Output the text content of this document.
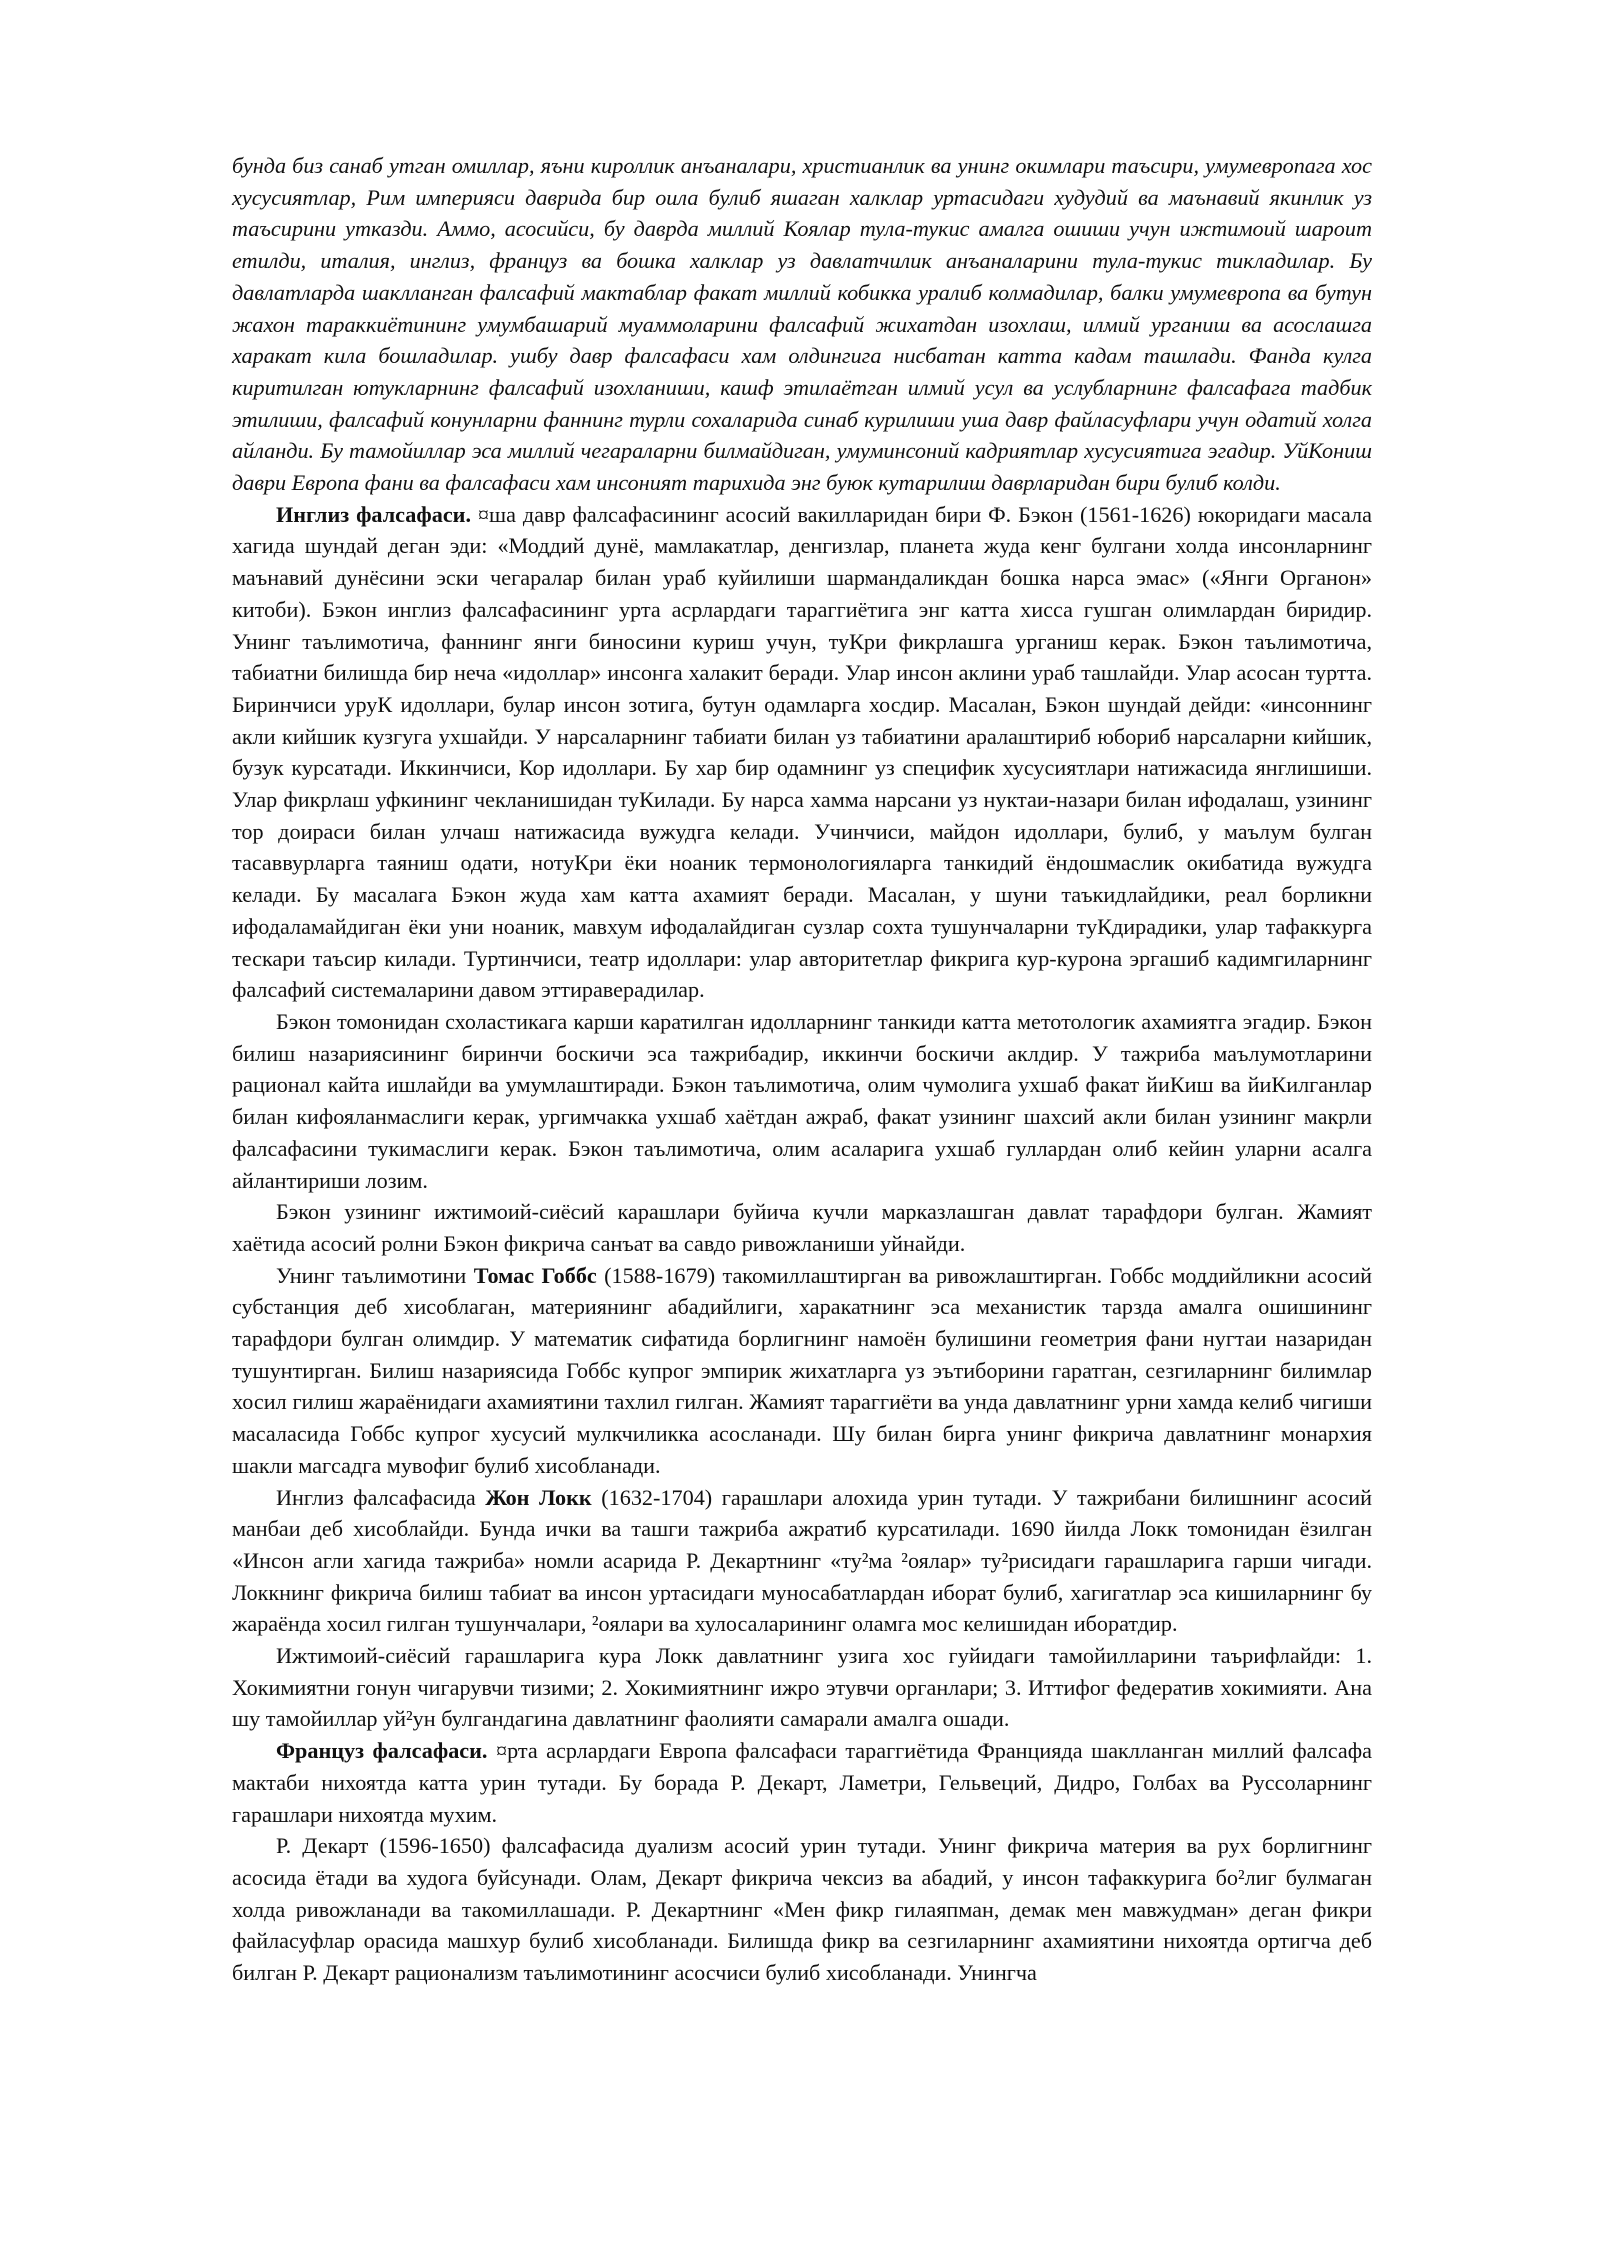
бунда биз санаб утган омиллар, яъни кироллик анъаналари, христианлик ва унинг окимлари таъсири, умумевропага хос хусусиятлар, Рим империяси даврида бир оила булиб яшаган халклар уртасидаги худудий ва маънавий якинлик уз таъсирини утказди. Аммо, асосийси, бу даврда миллий Коялар тула-тукис амалга ошиши учун ижтимоий шароит етилди, италия, инглиз, француз ва бошка халклар уз давлатчилик анъаналарини тула-тукис тикладилар. Бу давлатларда шаклланган фалсафий мактаблар факат миллий кобикка уралиб колмадилар, балки умумевропа ва бутун жахон тараккиётининг умумбашарий муаммоларини фалсафий жихатдан изохлаш, илмий урганиш ва асослашга харакат кила бошладилар. ушбу давр фалсафаси хам олдингига нисбатан катта кадам ташлади. Фанда кулга киритилган ютукларнинг фалсафий изохланиши, кашф этилаётган илмий усул ва услубларнинг фалсафага тадбик этилиши, фалсафий конунларни фаннинг турли сохаларида синаб курилиши уша давр файласуфлари учун одатий холга айланди. Бу тамойиллар эса миллий чегараларни билмайдиган, умуминсоний кадриятлар хусусиятига эгадир. УйКониш даври Европа фани ва фалсафаси хам инсоният тарихида энг буюк кутарилиш даврларидан бири булиб колди.

Инглиз фалсафаси. ¤ша давр фалсафасининг асосий вакилларидан бири Ф. Бэкон (1561-1626) юкоридаги масала хагида шундай деган эди: «Моддий дунё, мамлакатлар, денгизлар, планета жуда кенг булгани холда инсонларнинг маънавий дунёсини эски чегаралар билан ураб куйилиши шармандаликдан бошка нарса эмас» («Янги Органон» китоби). Бэкон инглиз фалсафасининг урта асрлардаги тараггиётига энг катта хисса гушган олимлардан биридир. Унинг таълимотича, фаннинг янги биносини куриш учун, туКри фикрлашга урганиш керак. Бэкон таълимотича, табиатни билишда бир неча «идоллар» инсонга халакит беради. Улар инсон аклини ураб ташлайди. Улар асосан туртта. Биринчиси уруК идоллари, булар инсон зотига, бутун одамларга хосдир. Масалан, Бэкон шундай дейди: «инсоннинг акли кийшик кузгуга ухшайди. У нарсаларнинг табиати билан уз табиатини аралаштириб юбориб нарсаларни кийшик, бузук курсатади. Иккинчиси, Кор идоллари. Бу хар бир одамнинг уз специфик хусусиятлари натижасида янглишиши. Улар фикрлаш уфкининг чекланишидан туКилади. Бу нарса хамма нарсани уз нуктаи-назари билан ифодалаш, узининг тор доираси билан улчаш натижасида вужудга келади. Учинчиси, майдон идоллари, булиб, у маълум булган тасаввурларга таяниш одати, нотуКри ёки ноаник термонологияларга танкидий ёндошмаслик окибатида вужудга келади. Бу масалага Бэкон жуда хам катта ахамият беради. Масалан, у шуни таъкидлайдики, реал борликни ифодаламайдиган ёки уни ноаник, мавхум ифодалайдиган сузлар сохта тушунчаларни туКдирадики, улар тафаккурга тескари таъсир килади. Туртинчиси, театр идоллари: улар авторитетлар фикрига кур-курона эргашиб кадимгиларнинг фалсафий системаларини давом эттираверадилар.

Бэкон томонидан схоластикага карши каратилган идолларнинг танкиди катта метотологик ахамиятга эгадир. Бэкон билиш назариясининг биринчи боскичи эса тажрибадир, иккинчи боскичи аклдир. У тажриба маълумотларини рационал кайта ишлайди ва умумлаштиради. Бэкон таълимотича, олим чумолига ухшаб факат йиКиш ва йиКилганлар билан кифояланмаслиги керак, ургимчакка ухшаб хаётдан ажраб, факат узининг шахсий акли билан узининг макрли фалсафасини тукимаслиги керак. Бэкон таълимотича, олим асаларига ухшаб гуллардан олиб кейин уларни асалга айлантириши лозим.

Бэкон узининг ижтимоий-сиёсий карашлари буйича кучли марказлашган давлат тарафдори булган. Жамият хаётида асосий ролни Бэкон фикрича санъат ва савдо ривожланиши уйнайди.

Унинг таълимотини Томас Гоббс (1588-1679) такомиллаштирган ва ривожлаштирган. Гоббс моддийликни асосий субстанция деб хисоблаган, материянинг абадийлиги, харакатнинг эса механистик тарзда амалга ошишининг тарафдори булган олимдир. У математик сифатида борлигнинг намоён булишини геометрия фани нугтаи назаридан тушунтирган. Билиш назариясида Гоббс купрог эмпирик жихатларга уз эътиборини гаратган, сезгиларнинг билимлар хосил гилиш жараёнидаги ахамиятини тахлил гилган. Жамият тараггиёти ва унда давлатнинг урни хамда келиб чигиши масаласида Гоббс купрог хусусий мулкчиликка асосланади. Шу билан бирга унинг фикрича давлатнинг монархия шакли магсадга мувофиг булиб хисобланади.

Инглиз фалсафасида Жон Локк (1632-1704) гарашлари алохида урин тутади. У тажрибани билишнинг асосий манбаи деб хисоблайди. Бунда ички ва ташги тажриба ажратиб курсатилади. 1690 йилда Локк томонидан ёзилган «Инсон агли хагида тажриба» номли асарида Р. Декартнинг «ту²ма ²оялар» ту²рисидаги гарашларига гарши чигади. Локкнинг фикрича билиш табиат ва инсон уртасидаги муносабатлардан иборат булиб, хагигатлар эса кишиларнинг бу жараёнда хосил гилган тушунчалари, ²оялари ва хулосаларининг оламга мос келишидан иборатдир.

Ижтимоий-сиёсий гарашларига кура Локк давлатнинг узига хос гуйидаги тамойилларини таърифлайди: 1. Хокимиятни гонун чигарувчи тизими; 2. Хокимиятнинг ижро этувчи органлари; 3. Иттифог федератив хокимияти. Ана шу тамойиллар уй²ун булгандагина давлатнинг фаолияти самарали амалга ошади.

Француз фалсафаси. ¤рта асрлардаги Европа фалсафаси тараггиётида Францияда шаклланган миллий фалсафа мактаби нихоятда катта урин тутади. Бу борада Р. Декарт, Ламетри, Гельвеций, Дидро, Голбах ва Руссоларнинг гарашлари нихоятда мухим.

Р. Декарт (1596-1650) фалсафасида дуализм асосий урин тутади. Унинг фикрича материя ва рух борлигнинг асосида ётади ва худога буйсунади. Олам, Декарт фикрича чексиз ва абадий, у инсон тафаккурига бо²лиг булмаган холда ривожланади ва такомиллашади. Р. Декартнинг «Мен фикр гилаяпман, демак мен мавжудман» деган фикри файласуфлар орасида машхур булиб хисобланади. Билишда фикр ва сезгиларнинг ахамиятини нихоятда ортигча деб билган Р. Декарт рационализм таълимотининг асосчиси булиб хисобланади. Унингча
